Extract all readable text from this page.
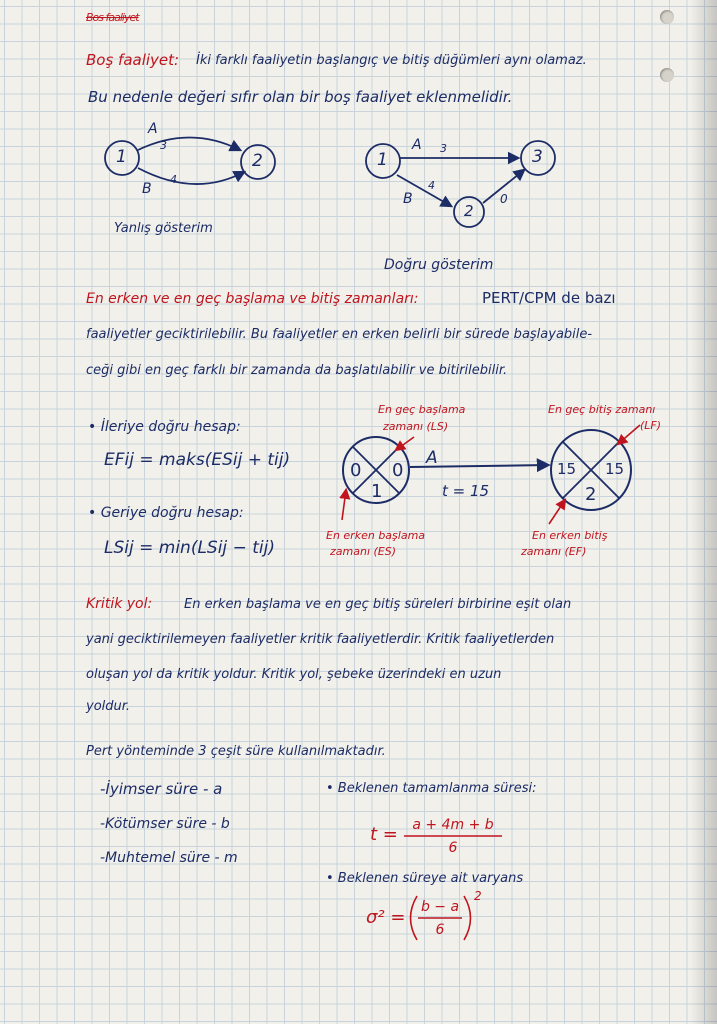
Bos faaliyet
Boş faaliyet: İki farklı faaliyetin başlangıç ve bitiş düğümleri aynı olamaz.
Bu nedenle değeri sıfır olan bir boş faaliyet eklenmelidir.
1	2
A
3
B
4
Yanlış gösterim
1	3
2
A 3
B
4
0
Doğru gösterim
En erken ve en geç başlama ve bitiş zamanları:	PERT/CPM de bazı
faaliyetler geciktirilebilir. Bu faaliyetler en erken belirli bir sürede başlayabile-
ceği gibi en geç farklı bir zamanda da başlatılabilir ve bitirilebilir.
• İleriye doğru hesap:
EFij = maks(ESij + tij)
• Geriye doğru hesap:
LSij = min(LSij − tij)
0 0
1
15 15
2
A
t = 15
En geç başlama
zamanı (LS)
En geç bitiş zamanı
(LF)
En erken başlama
zamanı (ES)
En erken bitiş
zamanı (EF)
Kritik yol: En erken başlama ve en geç bitiş süreleri birbirine eşit olan
yani geciktirilemeyen faaliyetler kritik faaliyetlerdir. Kritik faaliyetlerden
oluşan yol da kritik yoldur. Kritik yol, şebeke üzerindeki en uzun
yoldur.
Pert yönteminde 3 çeşit süre kullanılmaktadır.
-İyimser süre - a
-Kötümser süre - b
-Muhtemel süre - m
• Beklenen tamamlanma süresi:
t =	a + 4m + b
6
• Beklenen süreye ait varyans
σ² = b − a
6
2
